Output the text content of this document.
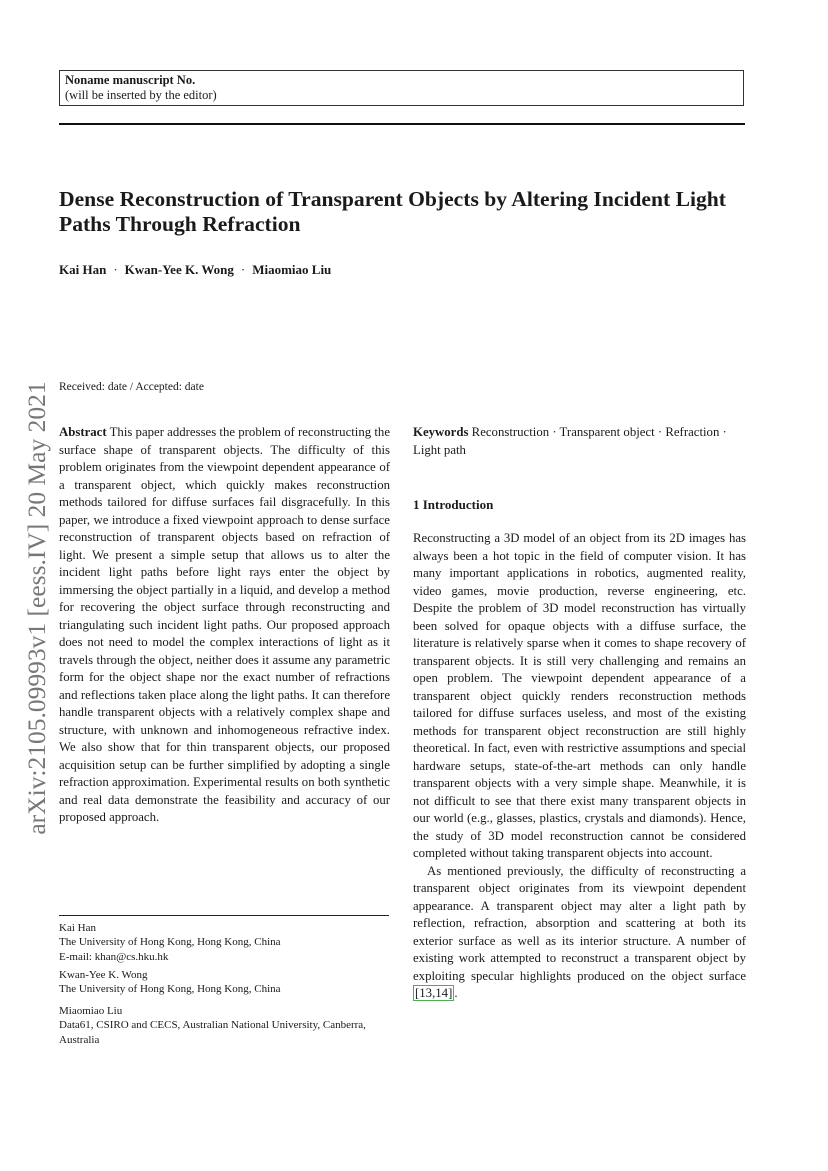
Noname manuscript No.
(will be inserted by the editor)
Dense Reconstruction of Transparent Objects by Altering Incident Light Paths Through Refraction
Kai Han · Kwan-Yee K. Wong · Miaomiao Liu
arXiv:2105.09993v1 [eess.IV] 20 May 2021 Received: date / Accepted: date

Abstract This paper addresses the problem of reconstructing the surface shape of transparent objects. The difficulty of this problem originates from the viewpoint dependent appearance of a transparent object, which quickly makes reconstruction methods tailored for diffuse surfaces fail disgracefully. In this paper, we introduce a fixed viewpoint approach to dense surface reconstruction of transparent objects based on refraction of light. We present a simple setup that allows us to alter the incident light paths before light rays enter the object by immersing the object partially in a liquid, and develop a method for recovering the object surface through reconstructing and triangulating such incident light paths. Our proposed approach does not need to model the complex interactions of light as it travels through the object, neither does it assume any parametric form for the object shape nor the exact number of refractions and reflections taken place along the light paths. It can therefore handle transparent objects with a relatively complex shape and structure, with unknown and inhomogeneous refractive index. We also show that for thin transparent objects, our proposed acquisition setup can be further simplified by adopting a single refraction approximation. Experimental results on both synthetic and real data demonstrate the feasibility and accuracy of our proposed approach.

Keywords Reconstruction · Transparent object · Refraction · Light path

1 Introduction

Reconstructing a 3D model of an object from its 2D images has always been a hot topic in the field of computer vision. It has many important applications in robotics, augmented reality, video games, movie production, reverse engineering, etc. Despite the problem of 3D model reconstruction has virtually been solved for opaque objects with a diffuse surface, the literature is relatively sparse when it comes to shape recovery of transparent objects. It is still very challenging and remains an open problem. The viewpoint dependent appearance of a transparent object quickly renders reconstruction methods tailored for diffuse surfaces useless, and most of the existing methods for transparent object reconstruction are still highly theoretical. In fact, even with restrictive assumptions and special hardware setups, state-of-the-art methods can only handle transparent objects with a very simple shape. Meanwhile, it is not difficult to see that there exist many transparent objects in our world (e.g., glasses, plastics, crystals and diamonds). Hence, the study of 3D model reconstruction cannot be considered completed without taking transparent objects into account.

As mentioned previously, the difficulty of reconstructing a transparent object originates from its viewpoint dependent appearance. A transparent object may alter a light path by reflection, refraction, absorption and scattering at both its exterior surface as well as its interior structure. A number of existing work attempted to reconstruct a transparent object by exploiting specular highlights produced on the object surface [13,14] .

Kai Han
The University of Hong Kong, Hong Kong, China
E-mail: khan@cs.hku.hk
Kwan-Yee K. Wong
The University of Hong Kong, Hong Kong, China
Miaomiao Liu
Data61, CSIRO and CECS, Australian National University, Canberra, Australia
